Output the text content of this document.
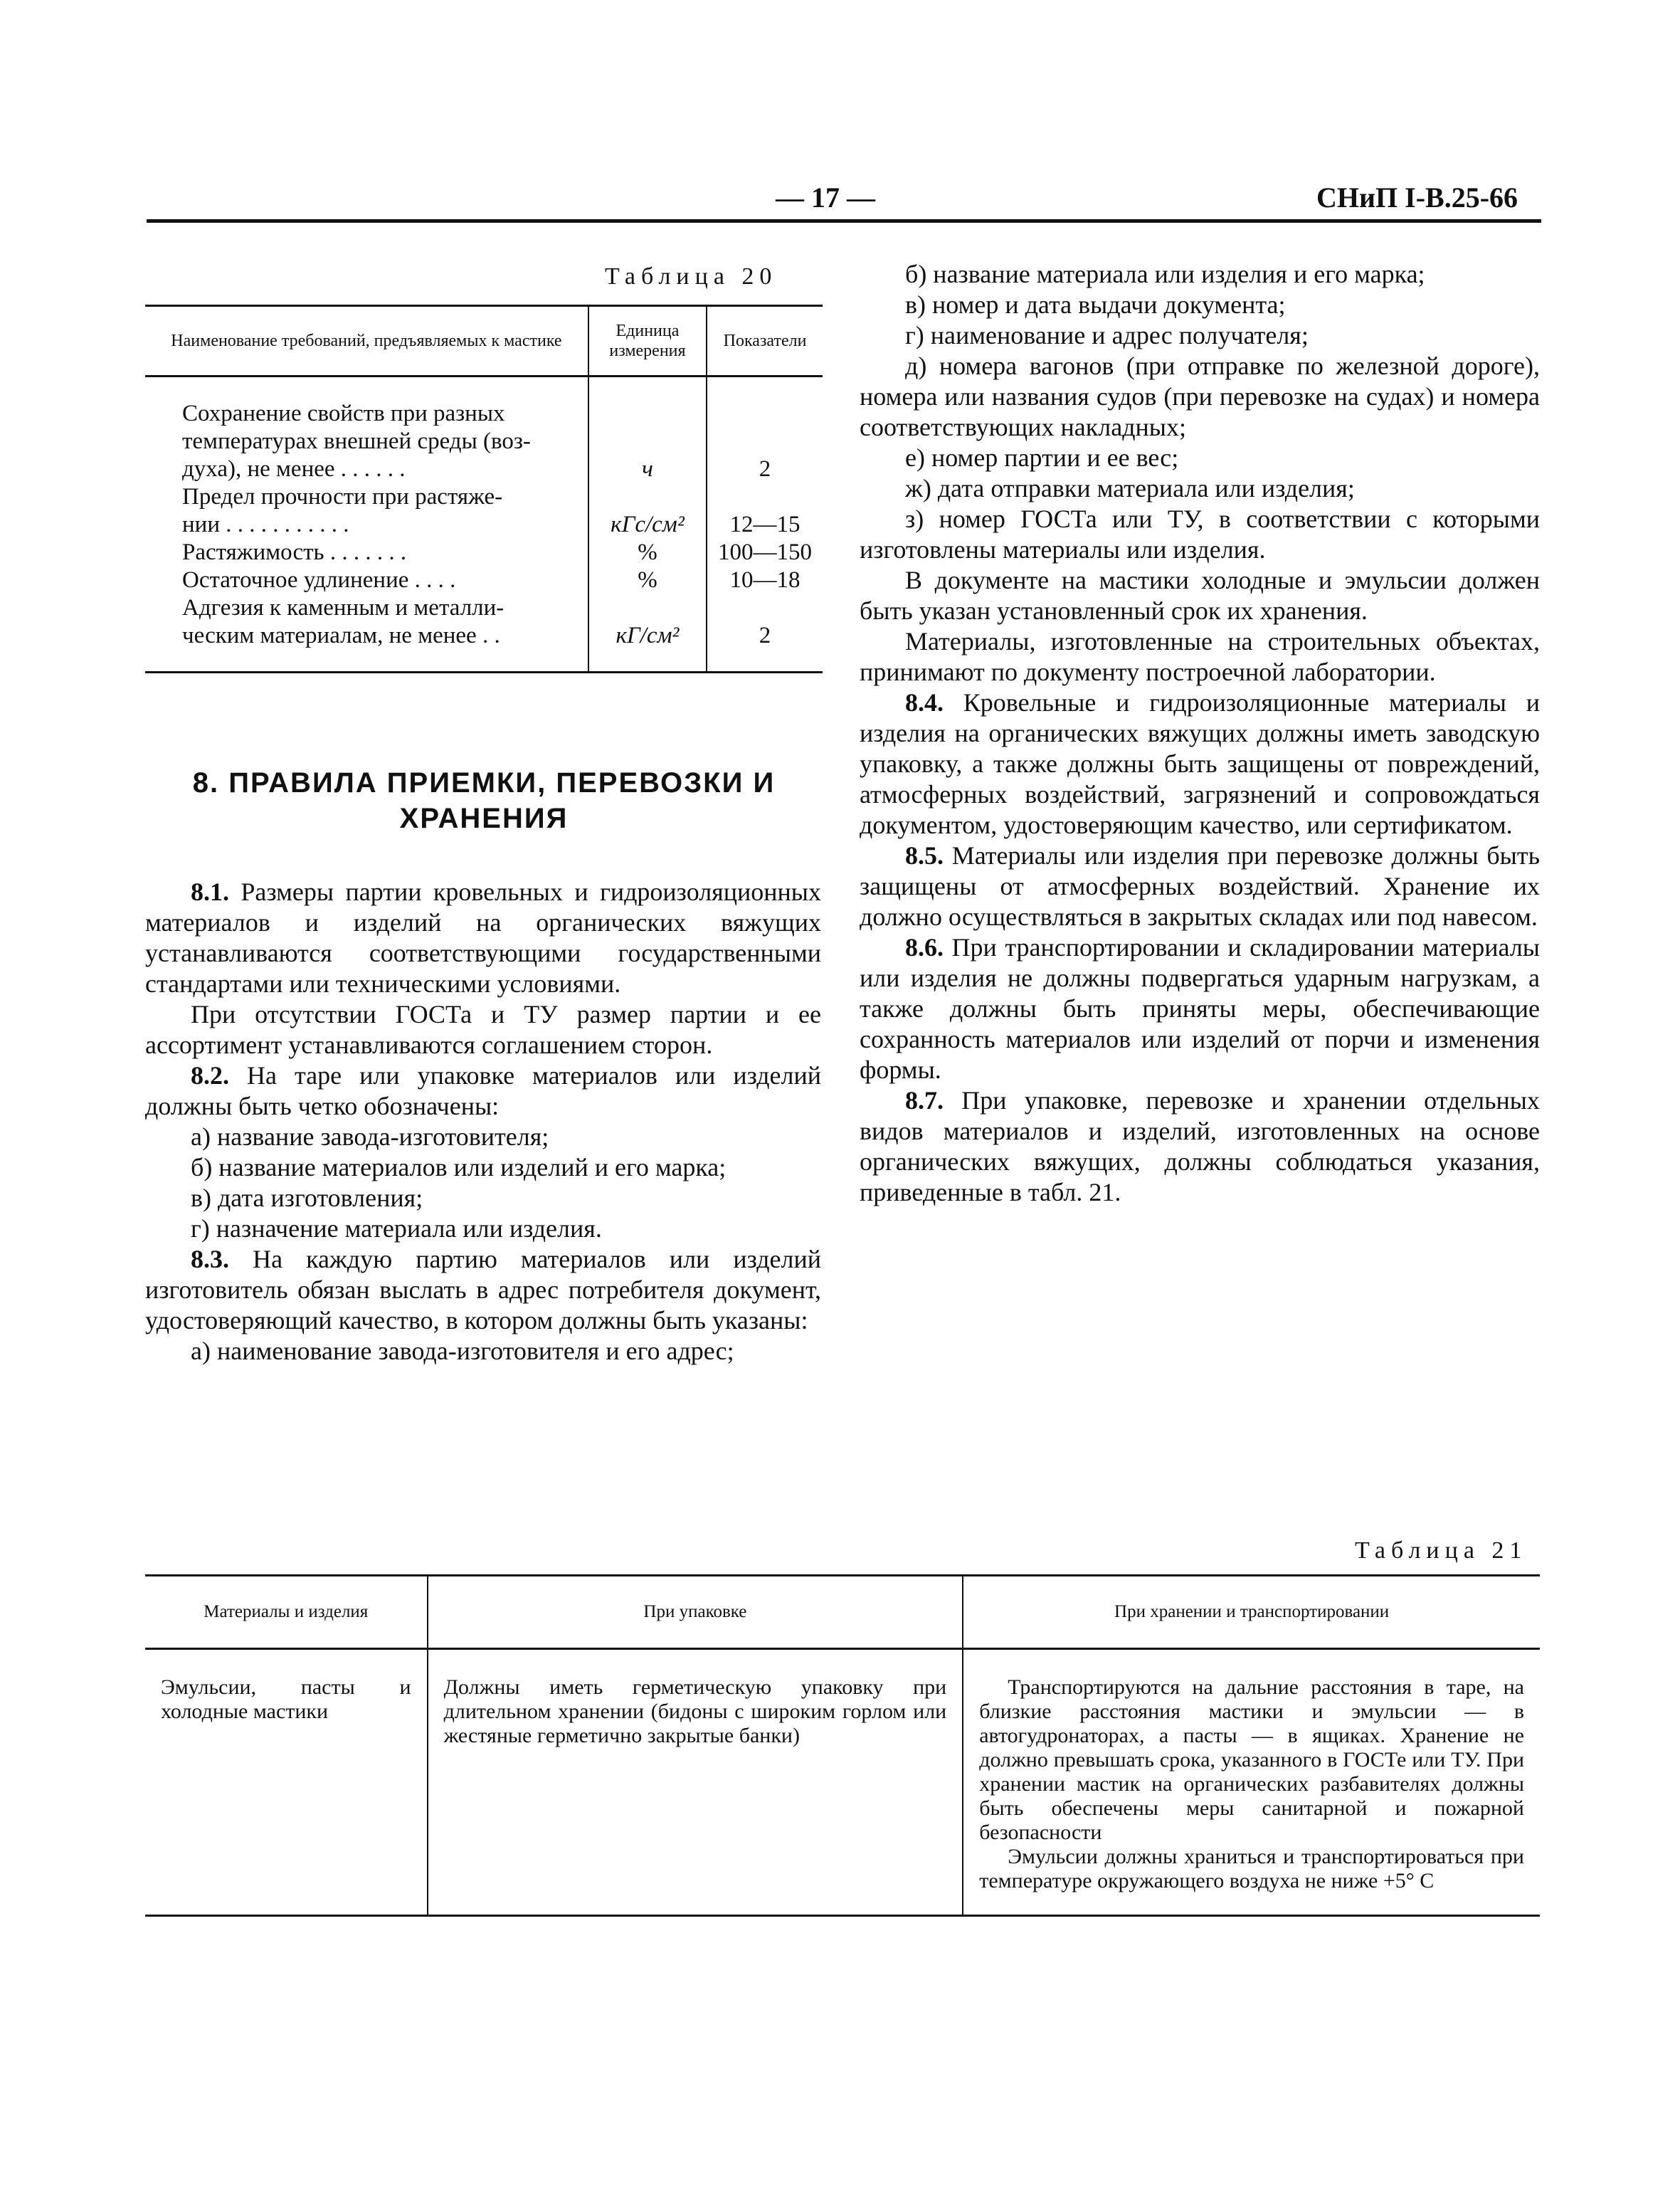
— 17 —	СНиП I-В.25-66
Таблица 20
Наименование требований, предъявляемых к мастике	Единица измерения	Показатели

Сохранение свойств при разных
температурах внешней среды (воз-
духа), не менее . . . . . .	ч	2

Предел прочности при растяже-
нии . . . . . . . . . . .	кГс/см²	12—15

Растяжимость . . . . . . .	%	100—150

Остаточное удлинение . . . .	%	10—18

Адгезия к каменным и металли-
ческим материалам, не менее . .	кГ/см²	2
8. ПРАВИЛА ПРИЕМКИ, ПЕРЕВОЗКИ И ХРАНЕНИЯ

8.1. Размеры партии кровельных и гидроизоляционных материалов и изделий на органических вяжущих устанавливаются соответствующими государственными стандартами или техническими условиями.

При отсутствии ГОСТа и ТУ размер партии и ее ассортимент устанавливаются соглашением сторон.

8.2. На таре или упаковке материалов или изделий должны быть четко обозначены:

а) название завода-изготовителя;

б) название материалов или изделий и его марка;

в) дата изготовления;

г) назначение материала или изделия.

8.3. На каждую партию материалов или изделий изготовитель обязан выслать в адрес потребителя документ, удостоверяющий качество, в котором должны быть указаны:

а) наименование завода-изготовителя и его адрес;

б) название материала или изделия и его марка;

в) номер и дата выдачи документа;

г) наименование и адрес получателя;

д) номера вагонов (при отправке по железной дороге), номера или названия судов (при перевозке на судах) и номера соответствующих накладных;

е) номер партии и ее вес;

ж) дата отправки материала или изделия;

з) номер ГОСТа или ТУ, в соответствии с которыми изготовлены материалы или изделия.

В документе на мастики холодные и эмульсии должен быть указан установленный срок их хранения.

Материалы, изготовленные на строительных объектах, принимают по документу построечной лаборатории.

8.4. Кровельные и гидроизоляционные материалы и изделия на органических вяжущих должны иметь заводскую упаковку, а также должны быть защищены от повреждений, атмосферных воздействий, загрязнений и сопровождаться документом, удостоверяющим качество, или сертификатом.

8.5. Материалы или изделия при перевозке должны быть защищены от атмосферных воздействий. Хранение их должно осуществляться в закрытых складах или под навесом.

8.6. При транспортировании и складировании материалы или изделия не должны подвергаться ударным нагрузкам, а также должны быть приняты меры, обеспечивающие сохранность материалов или изделий от порчи и изменения формы.

8.7. При упаковке, перевозке и хранении отдельных видов материалов и изделий, изготовленных на основе органических вяжущих, должны соблюдаться указания, приведенные в табл. 21.

Таблица 21
Материалы и изделия	При упаковке	При хранении и транспортировании
Эмульсии, пасты и холодные мастики	Должны иметь герметическую упаковку при длительном хранении (бидоны с широким горлом или жестяные герметично закрытые банки)	Транспортируются на дальние расстояния в таре, на близкие расстояния мастики и эмульсии — в автогудронаторах, а пасты — в ящиках. Хранение не должно превышать срока, указанного в ГОСТе или ТУ. При хранении мастик на органических разбавителях должны быть обеспечены меры санитарной и пожарной безопасности

Эмульсии должны храниться и транспортироваться при температуре окружающего воздуха не ниже +5° С
